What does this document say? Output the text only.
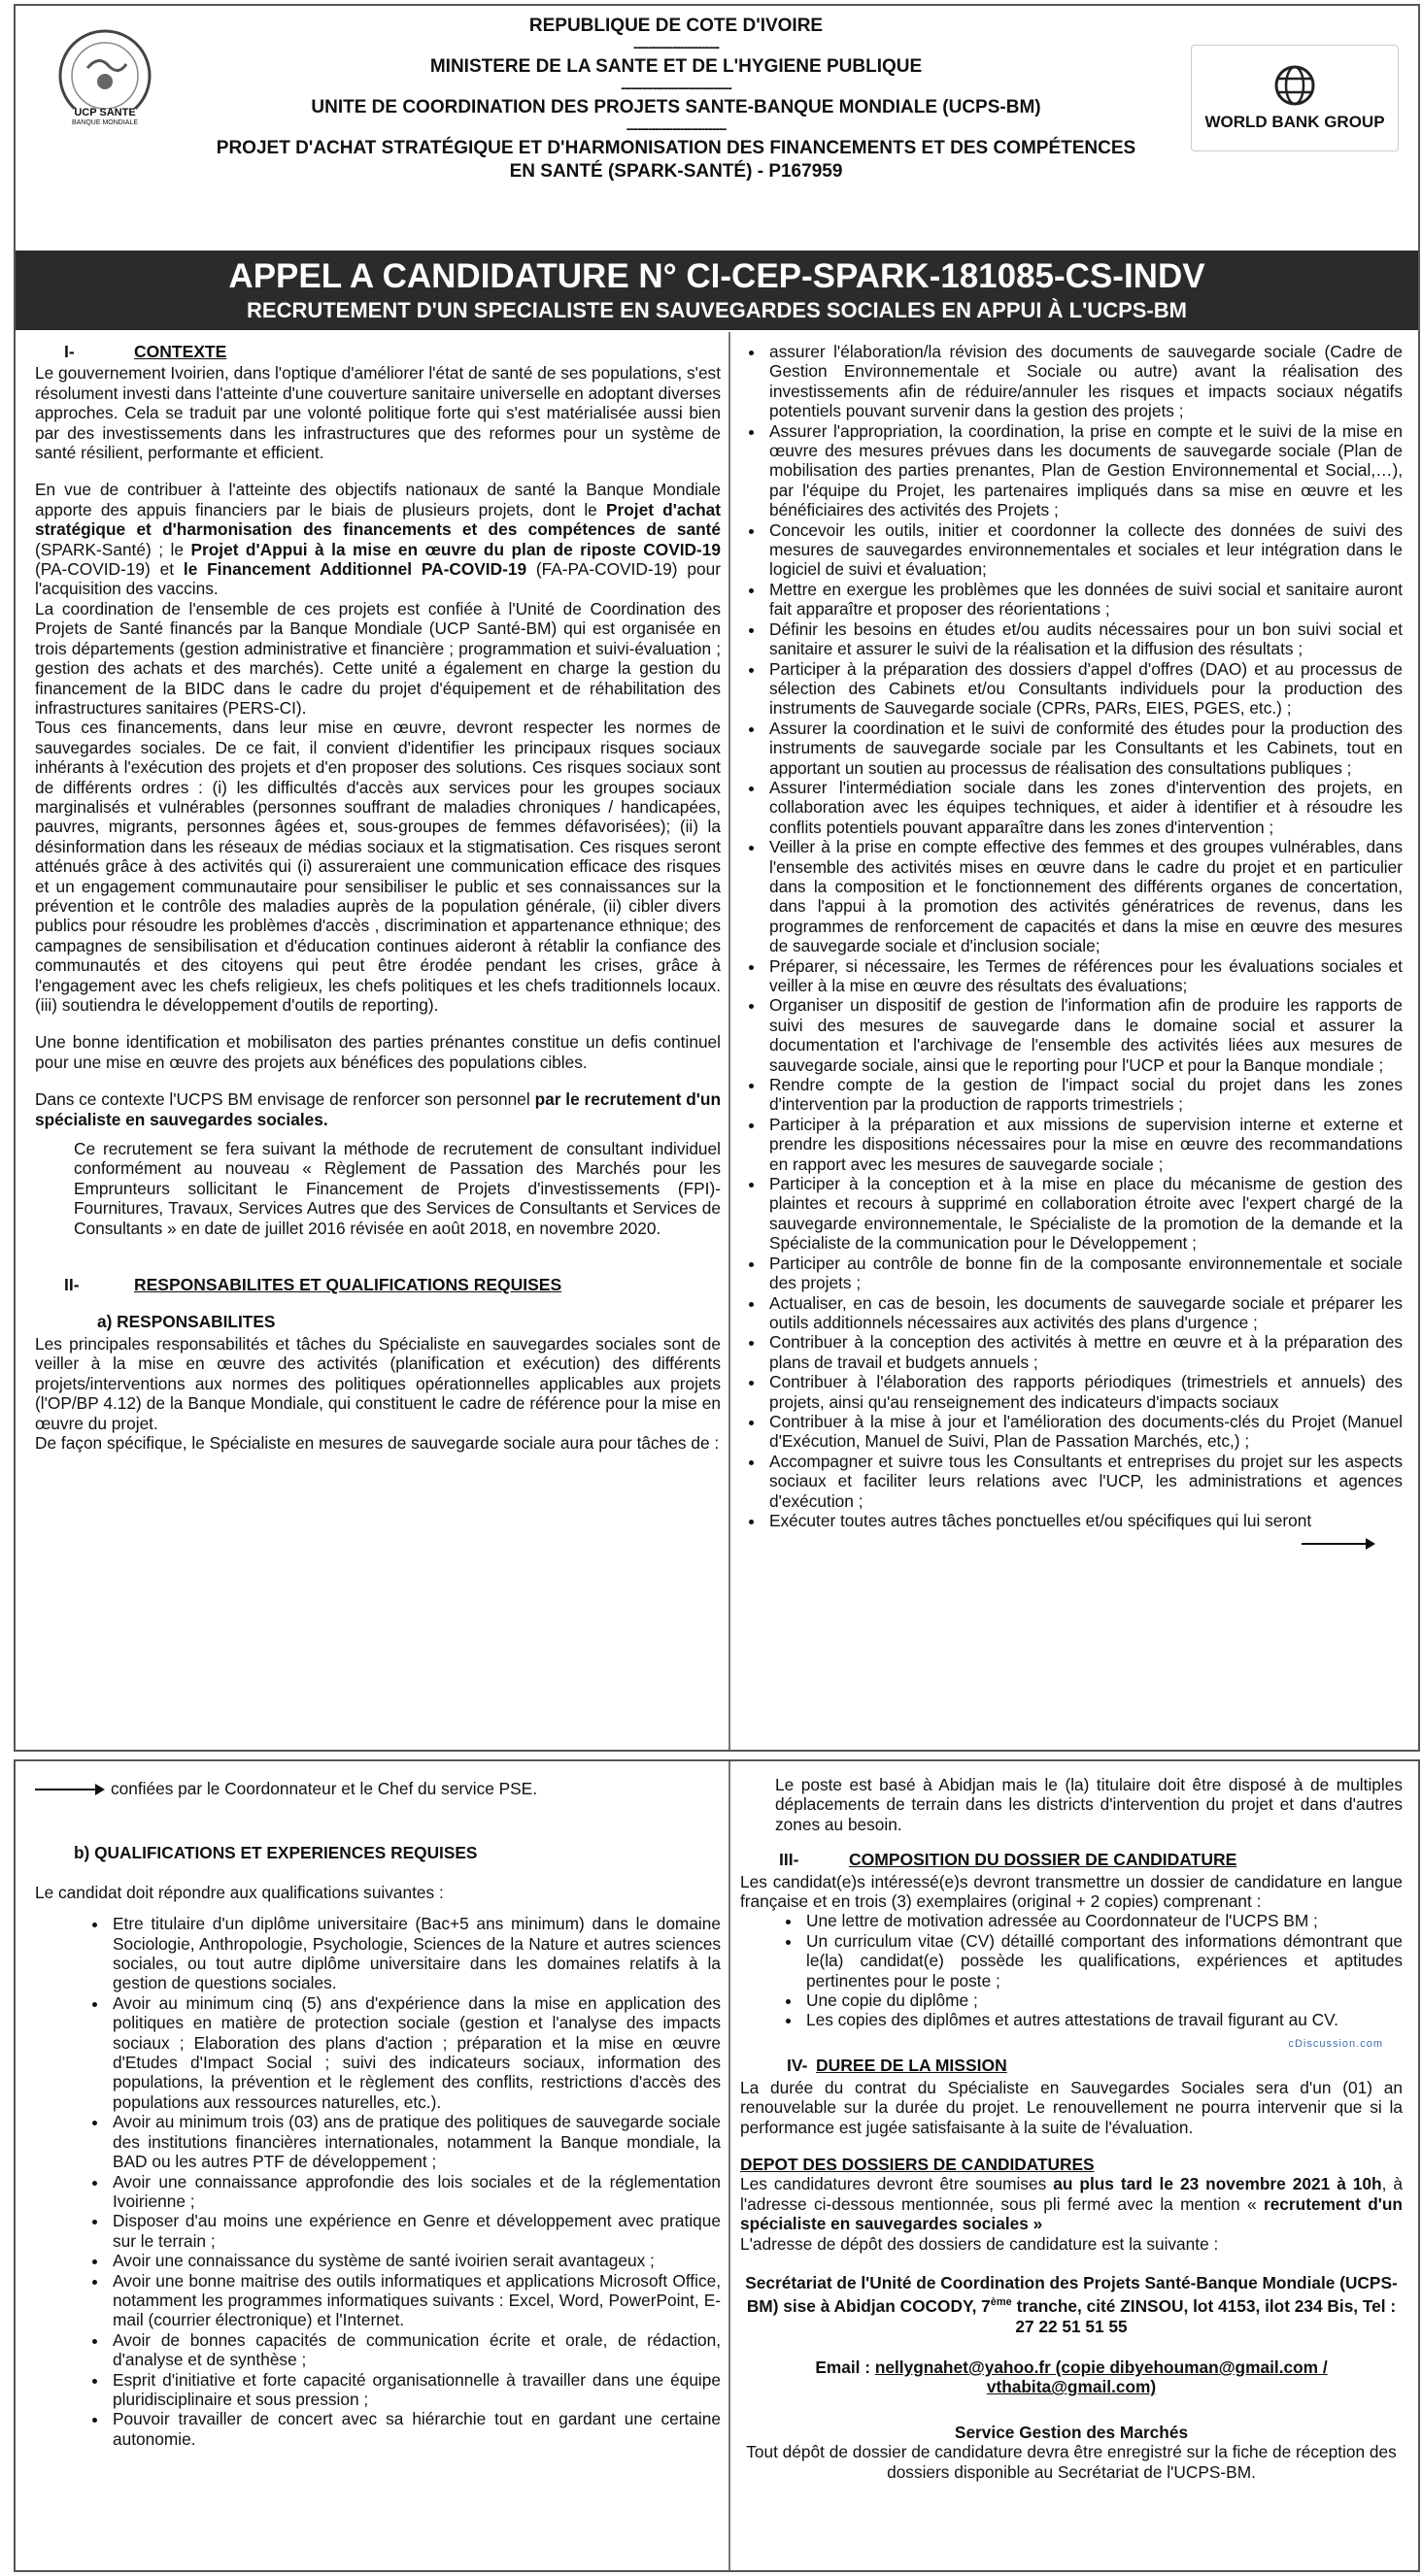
UCP SANTE
BANQUE MONDIALE	WORLD BANK GROUP
REPUBLIQUE DE COTE D'IVOIRE
------------------------
MINISTERE DE LA SANTE ET DE L'HYGIENE PUBLIQUE
-------------------------------
UNITE DE COORDINATION DES PROJETS SANTE-BANQUE MONDIALE (UCPS-BM)
----------------------------
PROJET D'ACHAT STRATÉGIQUE ET D'HARMONISATION DES FINANCEMENTS ET DES COMPÉTENCES
EN SANTÉ (SPARK-SANTÉ) - P167959
APPEL A CANDIDATURE N° CI-CEP-SPARK-181085-CS-INDV
RECRUTEMENT D'UN SPECIALISTE EN SAUVEGARDES SOCIALES EN APPUI À L'UCPS-BM
I-	CONTEXTE

Le gouvernement Ivoirien, dans l'optique d'améliorer l'état de santé de ses populations, s'est résolument investi dans l'atteinte d'une couverture sanitaire universelle en adoptant diverses approches. Cela se traduit par une volonté politique forte qui s'est matérialisée aussi bien par des investissements dans les infrastructures que des reformes pour un système de santé résilient, performante et efficient.

En vue de contribuer à l'atteinte des objectifs nationaux de santé la Banque Mondiale apporte des appuis financiers par le biais de plusieurs projets, dont le Projet d'achat stratégique et d'harmonisation des financements et des compétences de santé (SPARK-Santé) ; le Projet d'Appui à la mise en œuvre du plan de riposte COVID-19 (PA-COVID-19) et le Financement Additionnel PA-COVID-19 (FA-PA-COVID-19) pour l'acquisition des vaccins.

La coordination de l'ensemble de ces projets est confiée à l'Unité de Coordination des Projets de Santé financés par la Banque Mondiale (UCP Santé-BM) qui est organisée en trois départements (gestion administrative et financière ; programmation et suivi-évaluation ; gestion des achats et des marchés). Cette unité a également en charge la gestion du financement de la BIDC dans le cadre du projet d'équipement et de réhabilitation des infrastructures sanitaires (PERS-CI).

Tous ces financements, dans leur mise en œuvre, devront respecter les normes de sauvegardes sociales. De ce fait, il convient d'identifier les principaux risques sociaux inhérants à l'exécution des projets et d'en proposer des solutions. Ces risques sociaux sont de différents ordres : (i) les difficultés d'accès aux services pour les groupes sociaux marginalisés et vulnérables (personnes souffrant de maladies chroniques / handicapées, pauvres, migrants, personnes âgées et, sous-groupes de femmes défavorisées); (ii) la désinformation dans les réseaux de médias sociaux et la stigmatisation. Ces risques seront atténués grâce à des activités qui (i) assureraient une communication efficace des risques et un engagement communautaire pour sensibiliser le public et ses connaissances sur la prévention et le contrôle des maladies auprès de la population générale, (ii) cibler divers publics pour résoudre les problèmes d'accès , discrimination et appartenance ethnique; des campagnes de sensibilisation et d'éducation continues aideront à rétablir la confiance des communautés et des citoyens qui peut être érodée pendant les crises, grâce à l'engagement avec les chefs religieux, les chefs politiques et les chefs traditionnels locaux. (iii) soutiendra le développement d'outils de reporting).

Une bonne identification et mobilisaton des parties prénantes constitue un defis continuel pour une mise en œuvre des projets aux bénéfices des populations cibles.

Dans ce contexte l'UCPS BM envisage de renforcer son personnel par le recrutement d'un spécialiste en sauvegardes sociales.

Ce recrutement se fera suivant la méthode de recrutement de consultant individuel conformément au nouveau « Règlement de Passation des Marchés pour les Emprunteurs sollicitant le Financement de Projets d'investissements (FPI)- Fournitures, Travaux, Services Autres que des Services de Consultants et Services de Consultants » en date de juillet 2016 révisée en août 2018, en novembre 2020.

II-	RESPONSABILITES ET QUALIFICATIONS REQUISES
a) RESPONSABILITES

Les principales responsabilités et tâches du Spécialiste en sauvegardes sociales sont de veiller à la mise en œuvre des activités (planification et exécution) des différents projets/interventions aux normes des politiques opérationnelles applicables aux projets (l'OP/BP 4.12) de la Banque Mondiale, qui constituent le cadre de référence pour la mise en œuvre du projet.

De façon spécifique, le Spécialiste en mesures de sauvegarde sociale aura pour tâches de :

• assurer l'élaboration/la révision des documents de sauvegarde sociale (Cadre de Gestion Environnementale et Sociale ou autre) avant la réalisation des investissements afin de réduire/annuler les risques et impacts sociaux négatifs potentiels pouvant survenir dans la gestion des projets ;
• Assurer l'appropriation, la coordination, la prise en compte et le suivi de la mise en œuvre des mesures prévues dans les documents de sauvegarde sociale (Plan de mobilisation des parties prenantes, Plan de Gestion Environnemental et Social,…), par l'équipe du Projet, les partenaires impliqués dans sa mise en œuvre et les bénéficiaires des activités des Projets ;
• Concevoir les outils, initier et coordonner la collecte des données de suivi des mesures de sauvegardes environnementales et sociales et leur intégration dans le logiciel de suivi et évaluation;
• Mettre en exergue les problèmes que les données de suivi social et sanitaire auront fait apparaître et proposer des réorientations ;
• Définir les besoins en études et/ou audits nécessaires pour un bon suivi social et sanitaire et assurer le suivi de la réalisation et la diffusion des résultats ;
• Participer à la préparation des dossiers d'appel d'offres (DAO) et au processus de sélection des Cabinets et/ou Consultants individuels pour la production des instruments de Sauvegarde sociale (CPRs, PARs, EIES, PGES, etc.) ;
• Assurer la coordination et le suivi de conformité des études pour la production des instruments de sauvegarde sociale par les Consultants et les Cabinets, tout en apportant un soutien au processus de réalisation des consultations publiques ;
• Assurer l'intermédiation sociale dans les zones d'intervention des projets, en collaboration avec les équipes techniques, et aider à identifier et à résoudre les conflits potentiels pouvant apparaître dans les zones d'intervention ;
• Veiller à la prise en compte effective des femmes et des groupes vulnérables, dans l'ensemble des activités mises en œuvre dans le cadre du projet et en particulier dans la composition et le fonctionnement des différents organes de concertation, dans l'appui à la promotion des activités génératrices de revenus, dans les programmes de renforcement de capacités et dans la mise en œuvre des mesures de sauvegarde sociale et d'inclusion sociale;
• Préparer, si nécessaire, les Termes de références pour les évaluations sociales et veiller à la mise en œuvre des résultats des évaluations;
• Organiser un dispositif de gestion de l'information afin de produire les rapports de suivi des mesures de sauvegarde dans le domaine social et assurer la documentation et l'archivage de l'ensemble des activités liées aux mesures de sauvegarde sociale, ainsi que le reporting pour l'UCP et pour la Banque mondiale ;
• Rendre compte de la gestion de l'impact social du projet dans les zones d'intervention par la production de rapports trimestriels ;
• Participer à la préparation et aux missions de supervision interne et externe et prendre les dispositions nécessaires pour la mise en œuvre des recommandations en rapport avec les mesures de sauvegarde sociale ;
• Participer à la conception et à la mise en place du mécanisme de gestion des plaintes et recours à supprimé en collaboration étroite avec l'expert chargé de la sauvegarde environnementale, le Spécialiste de la promotion de la demande et la Spécialiste de la communication pour le Développement ;
• Participer au contrôle de bonne fin de la composante environnementale et sociale des projets ;
• Actualiser, en cas de besoin, les documents de sauvegarde sociale et préparer les outils additionnels nécessaires aux activités des plans d'urgence ;
• Contribuer à la conception des activités à mettre en œuvre et à la préparation des plans de travail et budgets annuels ;
• Contribuer à l'élaboration des rapports périodiques (trimestriels et annuels) des projets, ainsi qu'au renseignement des indicateurs d'impacts sociaux
• Contribuer à la mise à jour et l'amélioration des documents-clés du Projet (Manuel d'Exécution, Manuel de Suivi, Plan de Passation Marchés, etc,) ;
• Accompagner et suivre tous les Consultants et entreprises du projet sur les aspects sociaux et faciliter leurs relations avec l'UCP, les administrations et agences d'exécution ;
• Exécuter toutes autres tâches ponctuelles et/ou spécifiques qui lui seront

confiées par le Coordonnateur et le Chef du service PSE.

b) QUALIFICATIONS ET EXPERIENCES REQUISES

Le candidat doit répondre aux qualifications suivantes :

• Etre titulaire d'un diplôme universitaire (Bac+5 ans minimum) dans le domaine Sociologie, Anthropologie, Psychologie, Sciences de la Nature et autres sciences sociales, ou tout autre diplôme universitaire dans les domaines relatifs à la gestion de questions sociales.
• Avoir au minimum cinq (5) ans d'expérience dans la mise en application des politiques en matière de protection sociale (gestion et l'analyse des impacts sociaux ; Elaboration des plans d'action ; préparation et la mise en œuvre d'Etudes d'Impact Social ; suivi des indicateurs sociaux, information des populations, la prévention et le règlement des conflits, restrictions d'accès des populations aux ressources naturelles, etc.).
• Avoir au minimum trois (03) ans de pratique des politiques de sauvegarde sociale des institutions financières internationales, notamment la Banque mondiale, la BAD ou les autres PTF de développement ;
• Avoir une connaissance approfondie des lois sociales et de la réglementation Ivoirienne ;
• Disposer d'au moins une expérience en Genre et développement avec pratique sur le terrain ;
• Avoir une connaissance du système de santé ivoirien serait avantageux ;
• Avoir une bonne maitrise des outils informatiques et applications Microsoft Office, notamment les programmes informatiques suivants : Excel, Word, PowerPoint, E-mail (courrier électronique) et l'Internet.
• Avoir de bonnes capacités de communication écrite et orale, de rédaction, d'analyse et de synthèse ;
• Esprit d'initiative et forte capacité organisationnelle à travailler dans une équipe pluridisciplinaire et sous pression ;
• Pouvoir travailler de concert avec sa hiérarchie tout en gardant une certaine autonomie.

Le poste est basé à Abidjan mais le (la) titulaire doit être disposé à de multiples déplacements de terrain dans les districts d'intervention du projet et dans d'autres zones au besoin.

III-	COMPOSITION DU DOSSIER DE CANDIDATURE

Les candidat(e)s intéressé(e)s devront transmettre un dossier de candidature en langue française et en trois (3) exemplaires (original + 2 copies) comprenant :

• Une lettre de motivation adressée au Coordonnateur de l'UCPS BM ;
• Un curriculum vitae (CV) détaillé comportant des informations démontrant que le(la) candidat(e) possède les qualifications, expériences et aptitudes pertinentes pour le poste ;
• Une copie du diplôme ;
• Les copies des diplômes et autres attestations de travail figurant au CV.
cDiscussion.com
IV- DUREE DE LA MISSION

La durée du contrat du Spécialiste en Sauvegardes Sociales sera d'un (01) an renouvelable sur la durée du projet. Le renouvellement ne pourra intervenir que si la performance est jugée satisfaisante à la suite de l'évaluation.

DEPOT DES DOSSIERS DE CANDIDATURES

Les candidatures devront être soumises au plus tard le 23 novembre 2021 à 10h, à l'adresse ci-dessous mentionnée, sous pli fermé avec la mention « recrutement d'un spécialiste en sauvegardes sociales »

L'adresse de dépôt des dossiers de candidature est la suivante :

Secrétariat de l'Unité de Coordination des Projets Santé-Banque Mondiale (UCPS-BM) sise à Abidjan COCODY, 7ème tranche, cité ZINSOU, lot 4153, ilot 234 Bis, Tel : 27 22 51 51 55

Email : nellygnahet@yahoo.fr (copie dibyehouman@gmail.com / vthabita@gmail.com)

Service Gestion des Marchés

Tout dépôt de dossier de candidature devra être enregistré sur la fiche de réception des dossiers disponible au Secrétariat de l'UCPS-BM.
